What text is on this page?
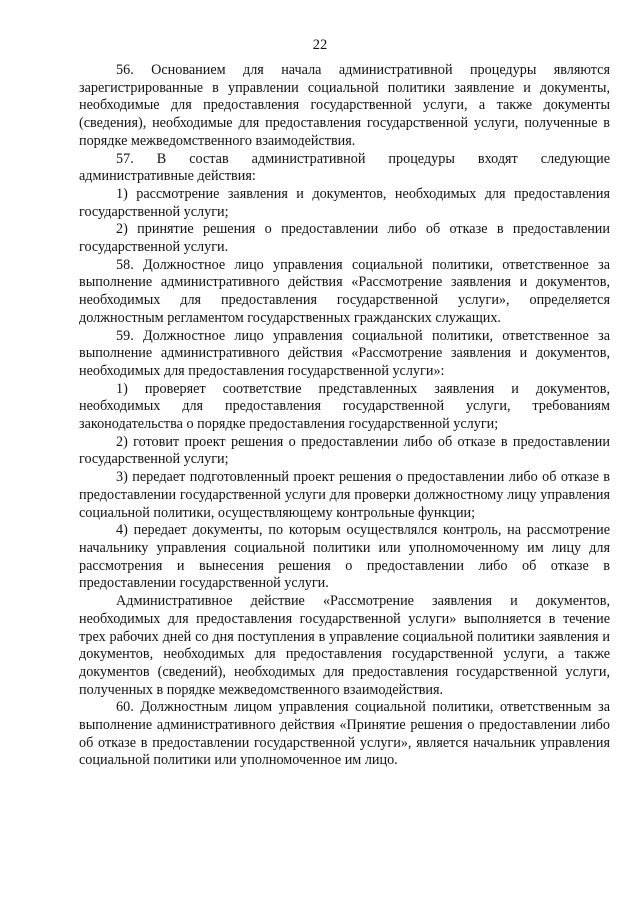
22

56. Основанием для начала административной процедуры являются зарегистрированные в управлении социальной политики заявление и документы, необходимые для предоставления государственной услуги, а также документы (сведения), необходимые для предоставления государственной услуги, полученные в порядке межведомственного взаимодействия.

57. В состав административной процедуры входят следующие административные действия:

1) рассмотрение заявления и документов, необходимых для предоставления государственной услуги;

2) принятие решения о предоставлении либо об отказе в предоставлении государственной услуги.

58. Должностное лицо управления социальной политики, ответственное за выполнение административного действия «Рассмотрение заявления и документов, необходимых для предоставления государственной услуги», определяется должностным регламентом государственных гражданских служащих.

59. Должностное лицо управления социальной политики, ответственное за выполнение административного действия «Рассмотрение заявления и документов, необходимых для предоставления государственной услуги»:

1) проверяет соответствие представленных заявления и документов, необходимых для предоставления государственной услуги, требованиям законодательства о порядке предоставления государственной услуги;

2) готовит проект решения о предоставлении либо об отказе в предоставлении государственной услуги;

3) передает подготовленный проект решения о предоставлении либо об отказе в предоставлении государственной услуги для проверки должностному лицу управления социальной политики, осуществляющему контрольные функции;

4) передает документы, по которым осуществлялся контроль, на рассмотрение начальнику управления социальной политики или уполномоченному им лицу для рассмотрения и вынесения решения о предоставлении либо об отказе в предоставлении государственной услуги.

Административное действие «Рассмотрение заявления и документов, необходимых для предоставления государственной услуги» выполняется в течение трех рабочих дней со дня поступления в управление социальной политики заявления и документов, необходимых для предоставления государственной услуги, а также документов (сведений), необходимых для предоставления государственной услуги, полученных в порядке межведомственного взаимодействия.

60. Должностным лицом управления социальной политики, ответственным за выполнение административного действия «Принятие решения о предоставлении либо об отказе в предоставлении государственной услуги», является начальник управления социальной политики или уполномоченное им лицо.
